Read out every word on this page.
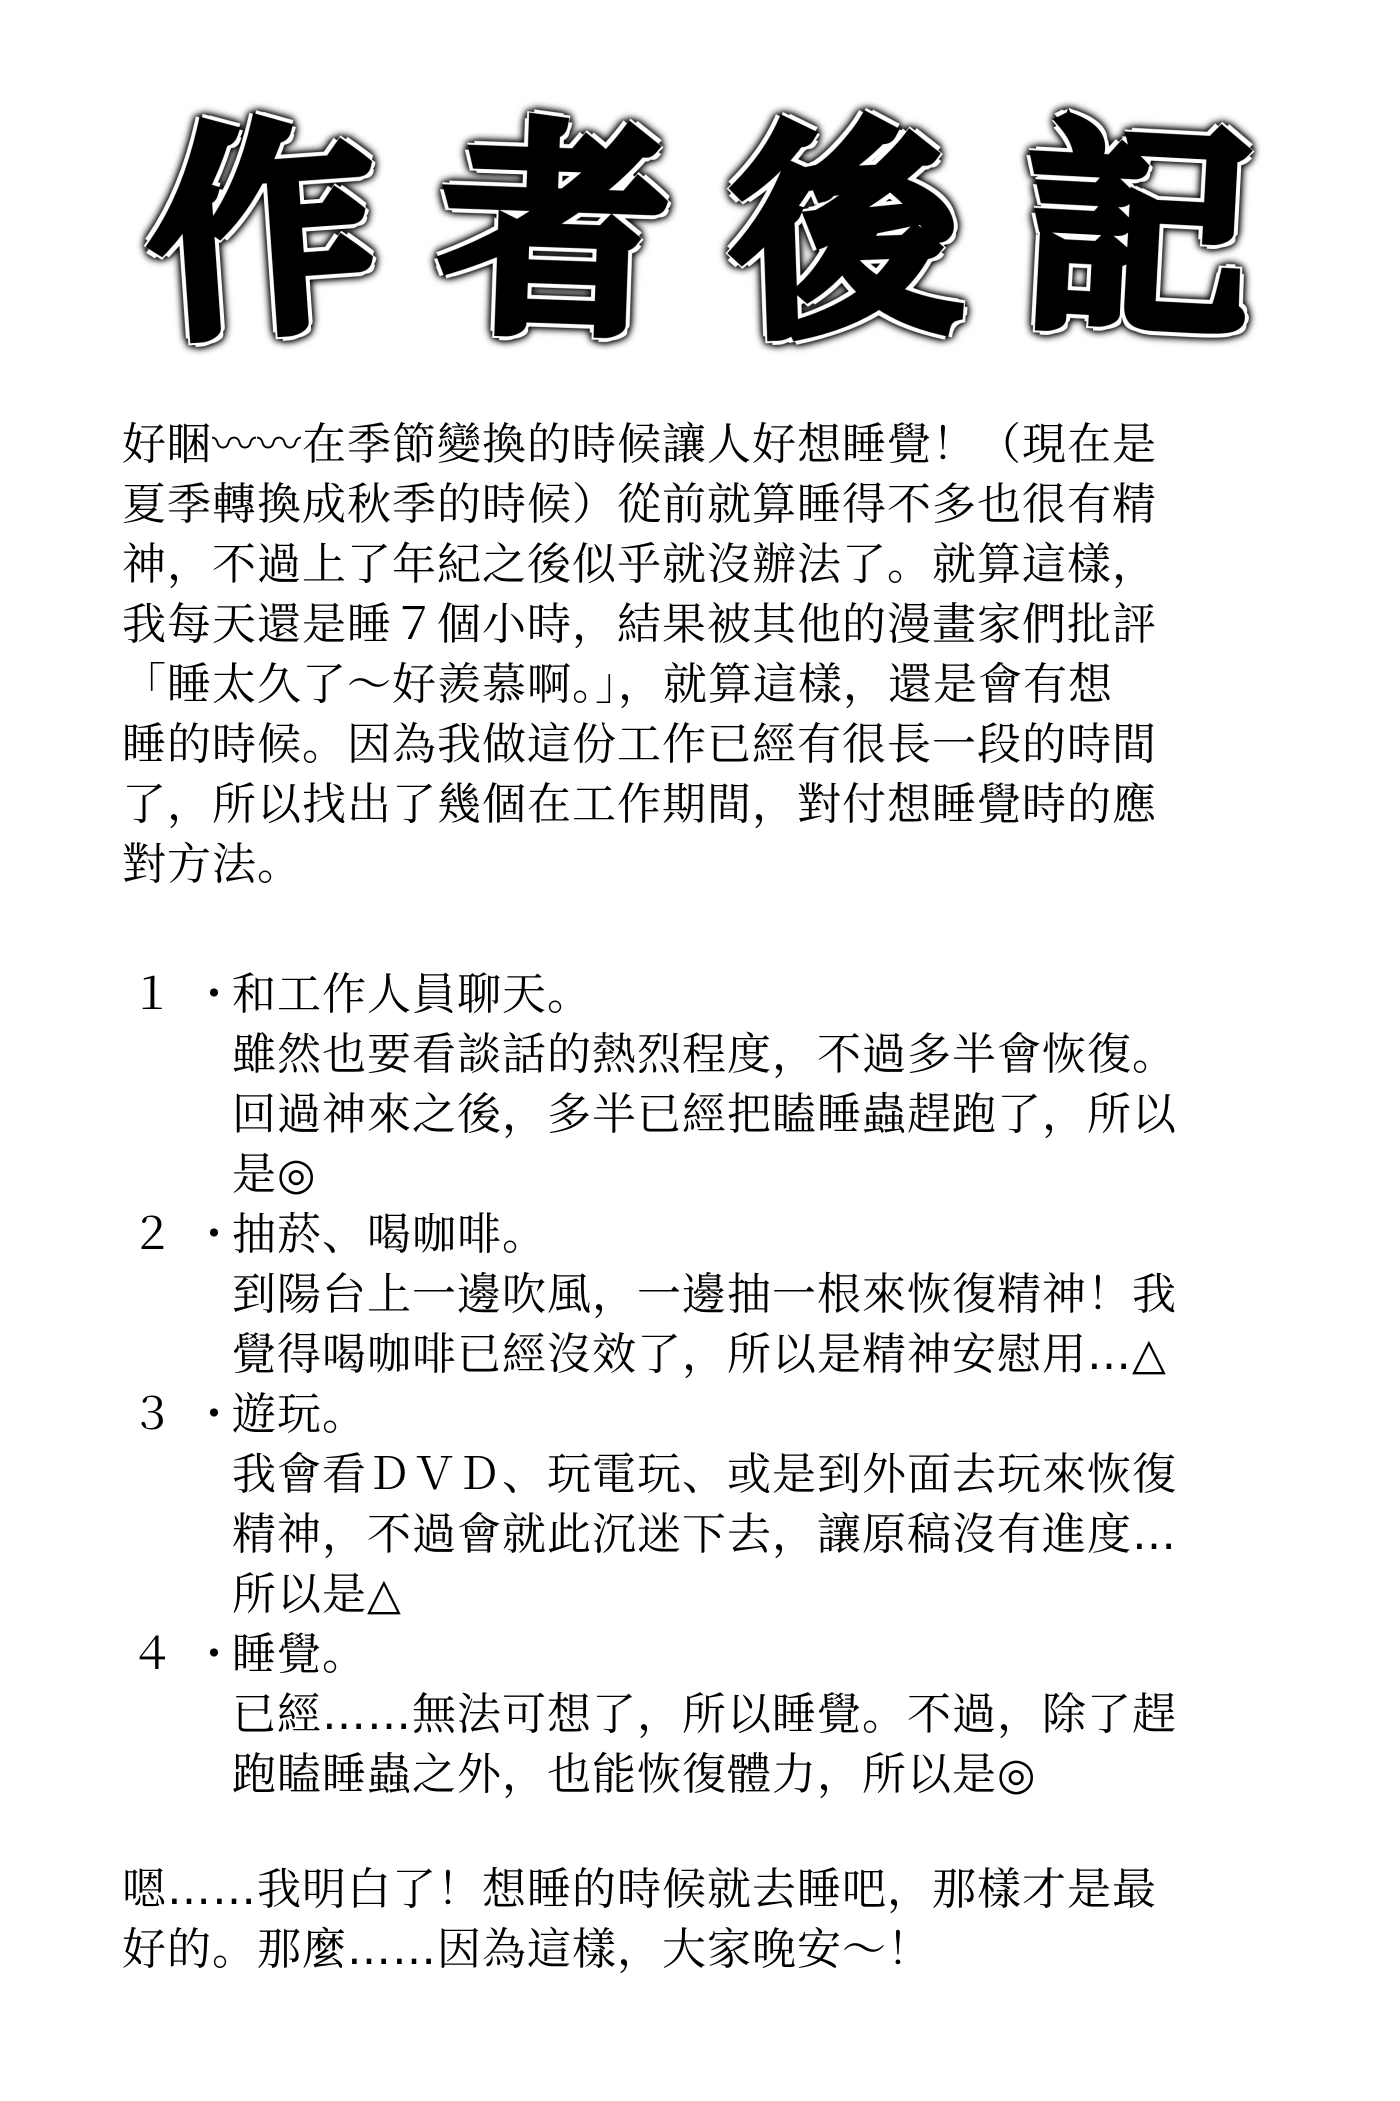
作 者 後 記
好睏〰〰在季節變換的時候讓人好想睡覺！（現在是
夏季轉換成秋季的時候）從前就算睡得不多也很有精
神，不過上了年紀之後似乎就沒辦法了。就算這樣，
我每天還是睡７個小時，結果被其他的漫畫家們批評
「睡太久了～好羨慕啊。」，就算這樣，還是會有想
睡的時候。因為我做這份工作已經有很長一段的時間
了，所以找出了幾個在工作期間，對付想睡覺時的應
對方法。
１ ・和工作人員聊天。
雖然也要看談話的熱烈程度，不過多半會恢復。
回過神來之後，多半已經把瞌睡蟲趕跑了，所以
是◎
２ ・抽菸、喝咖啡。
到陽台上一邊吹風，一邊抽一根來恢復精神！我
覺得喝咖啡已經沒效了，所以是精神安慰用…△
３ ・遊玩。
我會看ＤＶＤ、玩電玩、或是到外面去玩來恢復
精神，不過會就此沉迷下去，讓原稿沒有進度…
所以是△
４ ・睡覺。
已經……無法可想了，所以睡覺。不過，除了趕
跑瞌睡蟲之外，也能恢復體力，所以是◎
嗯……我明白了！想睡的時候就去睡吧，那樣才是最
好的。那麼……因為這樣，大家晚安～！
